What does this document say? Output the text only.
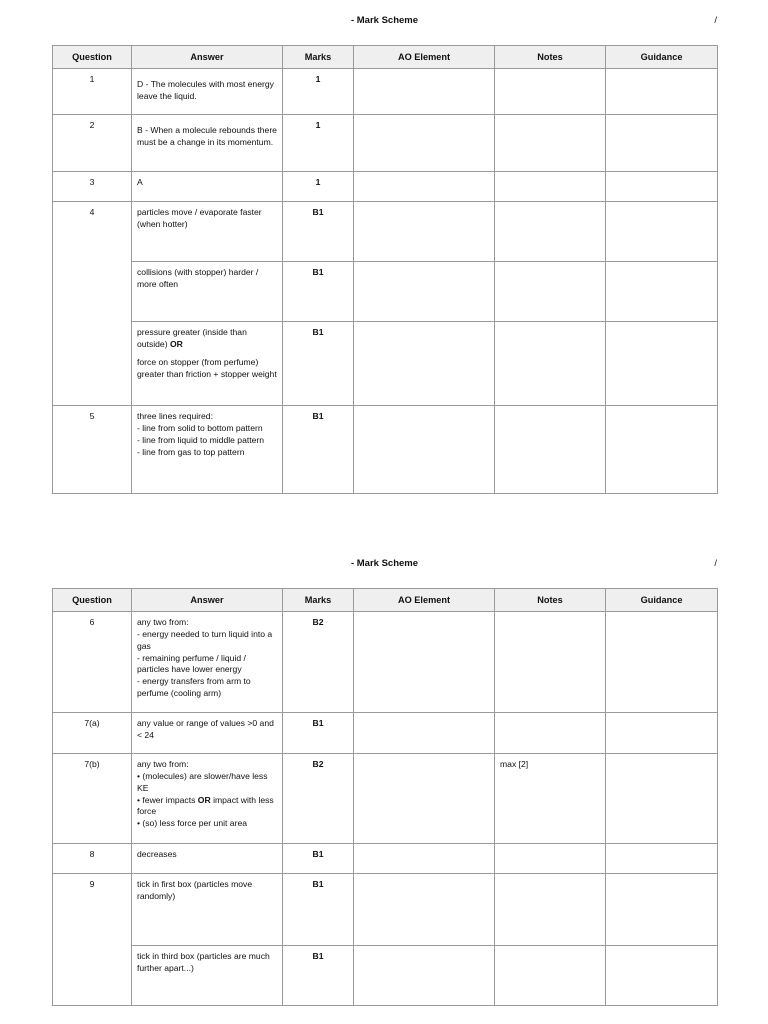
- Mark Scheme	/
Question	Answer	Marks	AO Element	Notes	Guidance
1	D - The molecules with most energy leave the liquid.	1			
2	B - When a molecule rebounds there must be a change in its momentum.	1			
3	A	1			
4	particles move / evaporate faster (when hotter)	B1			

	collisions (with stopper) harder / more often	B1			

	pressure greater (inside than outside) OR
force on stopper (from perfume) greater than friction + stopper weight	B1			
5	three lines required:
- line from solid to bottom pattern
- line from liquid to middle pattern
- line from gas to top pattern	B1			
- Mark Scheme	/
Question	Answer	Marks	AO Element	Notes	Guidance
6	any two from:
- energy needed to turn liquid into a gas
- remaining perfume / liquid / particles have lower energy
- energy transfers from arm to perfume (cooling arm)	B2			
7(a)	any value or range of values >0 and < 24	B1			
7(b)	any two from:
• (molecules) are slower/have less KE
• fewer impacts OR impact with less force
• (so) less force per unit area	B2		max [2]	
8	decreases	B1			
9	tick in first box (particles move randomly)	B1			

	tick in third box (particles are much further apart...)	B1			
